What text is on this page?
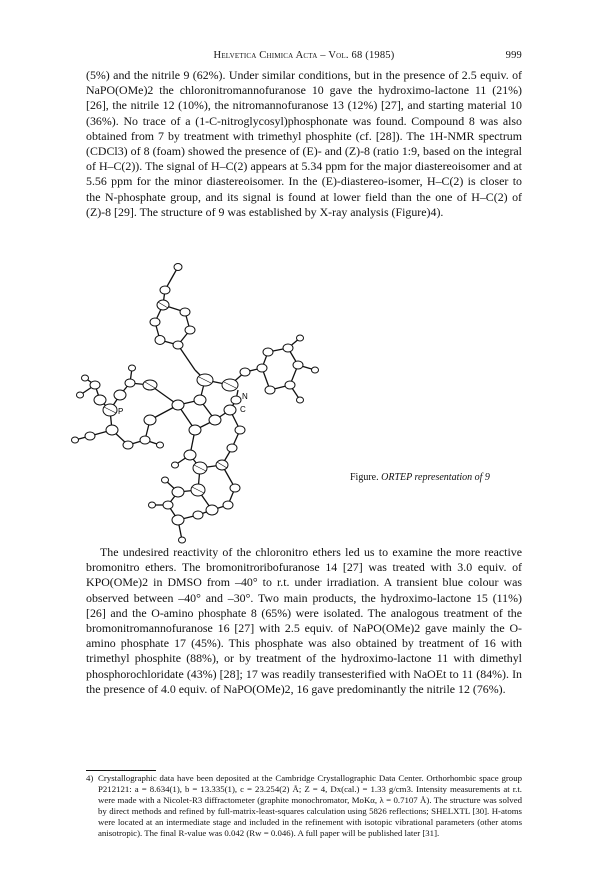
Helvetica Chimica Acta – Vol. 68 (1985)	999

(5%) and the nitrile 9 (62%). Under similar conditions, but in the presence of 2.5 equiv. of NaPO(OMe)2 the chloronitromannofuranose 10 gave the hydroximo-lactone 11 (21%) [26], the nitrile 12 (10%), the nitromannofuranose 13 (12%) [27], and starting material 10 (36%). No trace of a (1-C-nitroglycosyl)phosphonate was found. Compound 8 was also obtained from 7 by treatment with trimethyl phosphite (cf. [28]). The 1H-NMR spectrum (CDCl3) of 8 (foam) showed the presence of (E)- and (Z)-8 (ratio 1:9, based on the integral of H–C(2)). The signal of H–C(2) appears at 5.34 ppm for the major diastereoisomer and at 5.56 ppm for the minor diastereoisomer. In the (E)-diastereo-isomer, H–C(2) is closer to the N-phosphate group, and its signal is found at lower field than the one of H–C(2) of (Z)-8 [29]. The structure of 9 was established by X-ray analysis (Figure)4).

P
N
C
Figure. ORTEP representation of 9

The undesired reactivity of the chloronitro ethers led us to examine the more reactive bromonitro ethers. The bromonitroribofuranose 14 [27] was treated with 3.0 equiv. of KPO(OMe)2 in DMSO from –40° to r.t. under irradiation. A transient blue colour was observed between –40° and –30°. Two main products, the hydroximo-lactone 15 (11%) [26] and the O-amino phosphate 8 (65%) were isolated. The analogous treatment of the bromonitromannofuranose 16 [27] with 2.5 equiv. of NaPO(OMe)2 gave mainly the O-amino phosphate 17 (45%). This phosphate was also obtained by treatment of 16 with trimethyl phosphite (88%), or by treatment of the hydroximo-lactone 11 with dimethyl phosphorochloridate (43%) [28]; 17 was readily transesterified with NaOEt to 11 (84%). In the presence of 4.0 equiv. of NaPO(OMe)2, 16 gave predominantly the nitrile 12 (76%).

4) Crystallographic data have been deposited at the Cambridge Crystallographic Data Center. Orthorhombic space group P212121: a = 8.634(1), b = 13.335(1), c = 23.254(2) Å; Z = 4, Dx(cal.) = 1.33 g/cm3. Intensity measurements at r.t. were made with a Nicolet-R3 diffractometer (graphite monochromator, MoKα, λ = 0.7107 Å). The structure was solved by direct methods and refined by full-matrix-least-squares calculation using 5826 reflections; SHELXTL [30]. H-atoms were located at an intermediate stage and included in the refinement with isotopic vibrational parameters (other atoms anisotropic). The final R-value was 0.042 (Rw = 0.046). A full paper will be published later [31].
